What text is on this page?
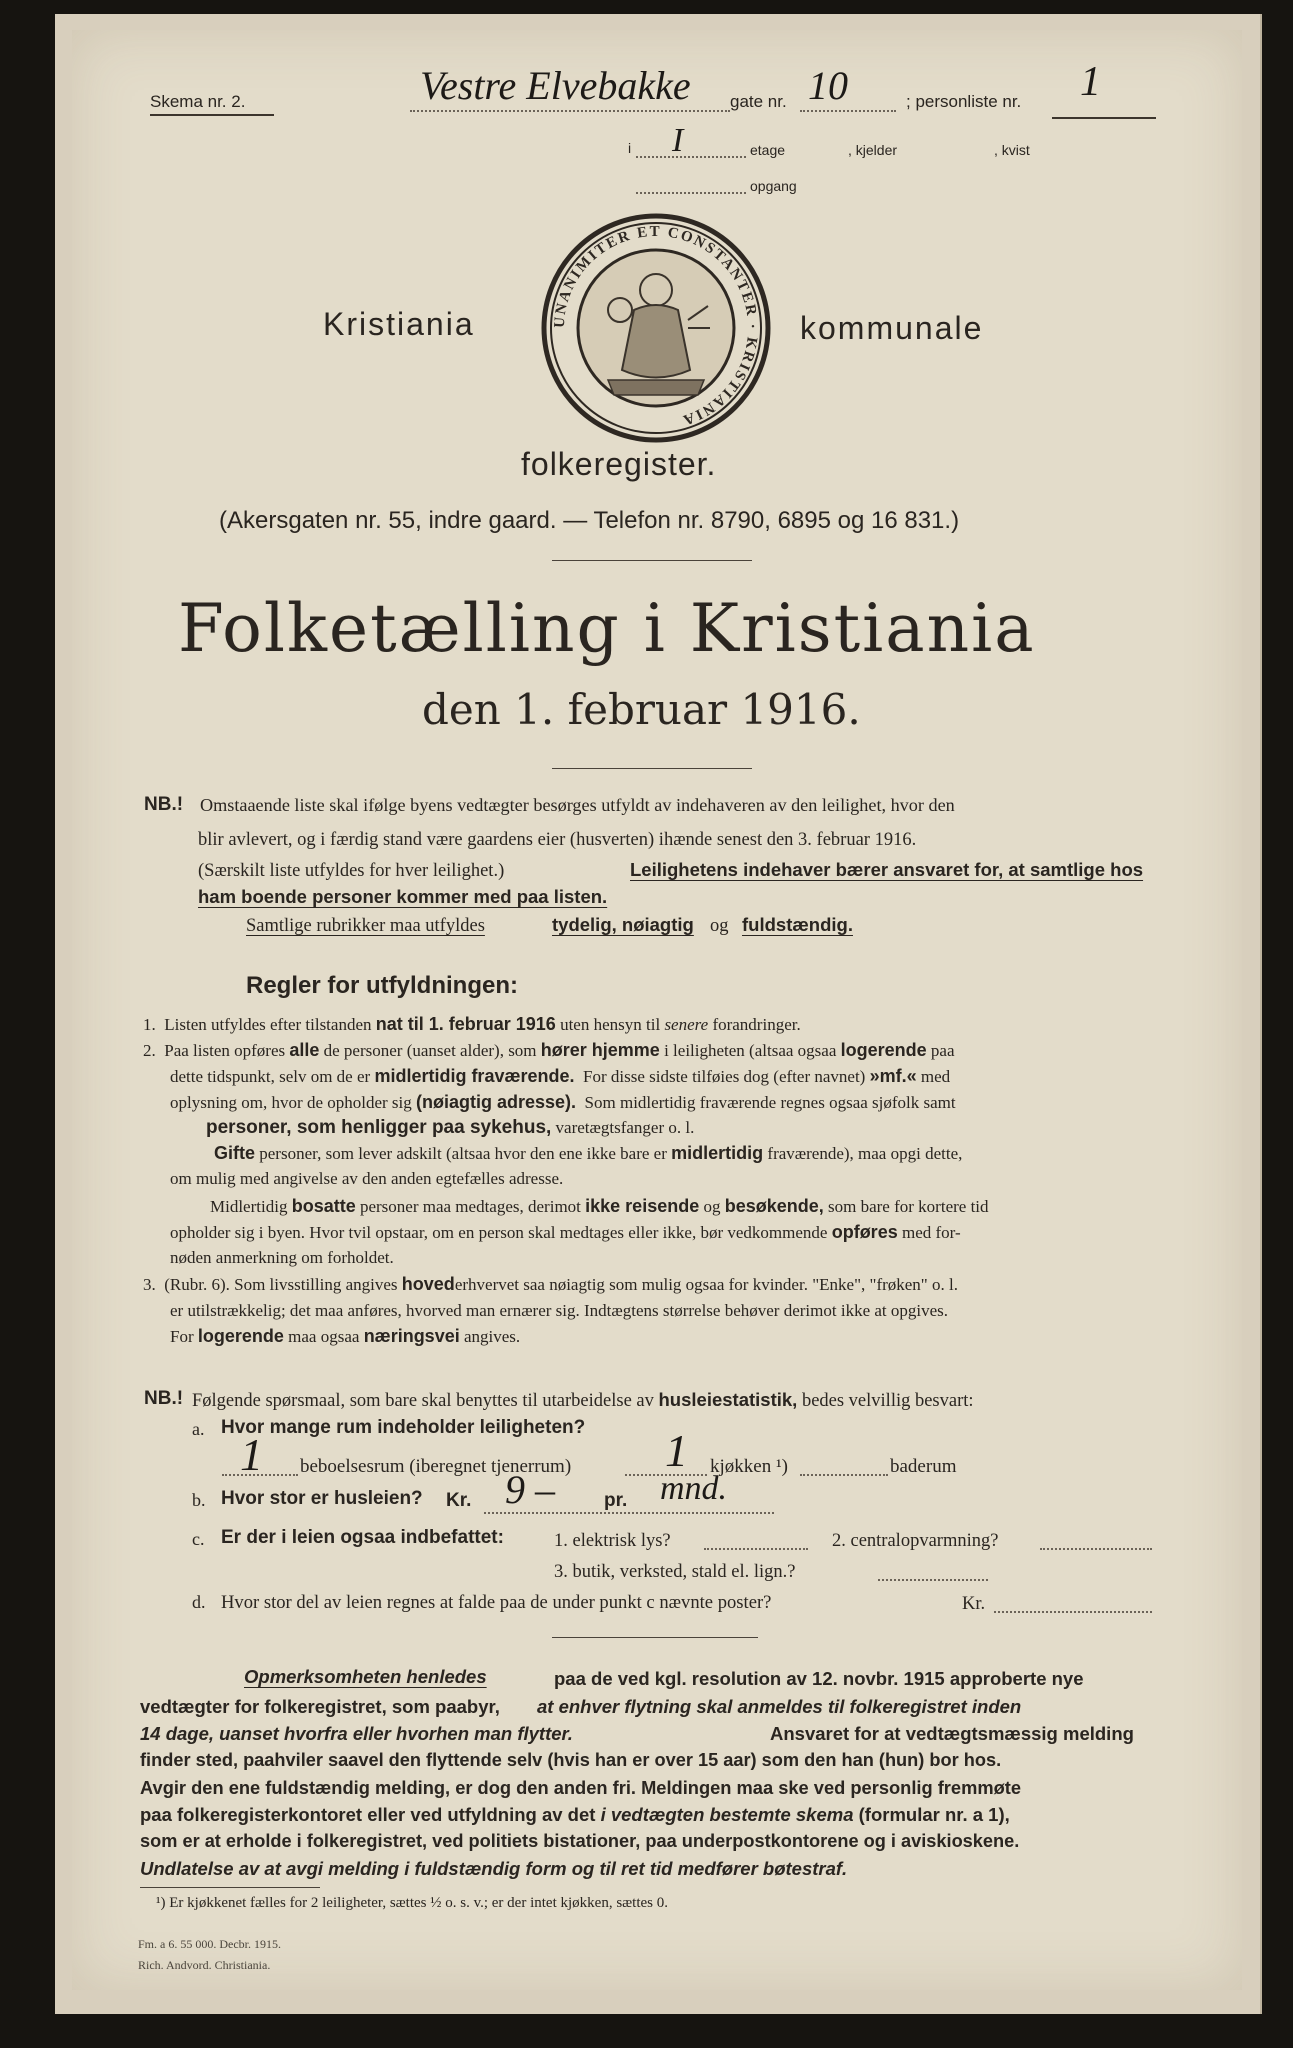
Skema nr. 2.	Vestre Elvebakke gate nr. 10	; personliste nr. 1
i I	etage	, kjelder	, kvist
opgang
Kristiania	kommunale
UNANIMITER ET CONSTANTER · KRISTIANIA
folkeregister.
(Akersgaten nr. 55, indre gaard. — Telefon nr. 8790, 6895 og 16 831.)
Folketælling i Kristiania
den 1. februar 1916.
NB.! Omstaaende liste skal ifølge byens vedtægter besørges utfyldt av indehaveren av den leilighet, hvor den
blir avlevert, og i færdig stand være gaardens eier (husverten) ihænde senest den 3. februar 1916.
(Særskilt liste utfyldes for hver leilighet.)	Leilighetens indehaver bærer ansvaret for, at samtlige hos
ham boende personer kommer med paa listen.
Samtlige rubrikker maa utfyldes	tydelig, nøiagtig og fuldstændig.
Regler for utfyldningen:
1. Listen utfyldes efter tilstanden nat til 1. februar 1916 uten hensyn til senere forandringer.
2. Paa listen opføres alle de personer (uanset alder), som hører hjemme i leiligheten (altsaa ogsaa logerende paa
dette tidspunkt, selv om de er midlertidig fraværende. For disse sidste tilføies dog (efter navnet) »mf.« med
oplysning om, hvor de opholder sig (nøiagtig adresse). Som midlertidig fraværende regnes ogsaa sjøfolk samt
personer, som henligger paa sykehus, varetægtsfanger o. l.
Gifte personer, som lever adskilt (altsaa hvor den ene ikke bare er midlertidig fraværende), maa opgi dette,
om mulig med angivelse av den anden egtefælles adresse.
Midlertidig bosatte personer maa medtages, derimot ikke reisende og besøkende, som bare for kortere tid
opholder sig i byen. Hvor tvil opstaar, om en person skal medtages eller ikke, bør vedkommende opføres med for-
nøden anmerkning om forholdet.
3. (Rubr. 6). Som livsstilling angives hovederhvervet saa nøiagtig som mulig ogsaa for kvinder. "Enke", "frøken" o. l.
er utilstrækkelig; det maa anføres, hvorved man ernærer sig. Indtægtens størrelse behøver derimot ikke at opgives.
For logerende maa ogsaa næringsvei angives.
NB.! Følgende spørsmaal, som bare skal benyttes til utarbeidelse av husleiestatistik, bedes velvillig besvart:
a. Hvor mange rum indeholder leiligheten?
1 beboelsesrum (iberegnet tjenerrum) 1 kjøkken ¹)	baderum
b. Hvor stor er husleien? Kr. 9 –	pr. mnd.
c. Er der i leien ogsaa indbefattet:	1. elektrisk lys?	2. centralopvarmning?
3. butik, verksted, stald el. lign.?
d. Hvor stor del av leien regnes at falde paa de under punkt c nævnte poster?	Kr.
Opmerksomheten henledes	paa de ved kgl. resolution av 12. novbr. 1915 approberte nye
vedtægter for folkeregistret, som paabyr, at enhver flytning skal anmeldes til folkeregistret inden
14 dage, uanset hvorfra eller hvorhen man flytter.	Ansvaret for at vedtægtsmæssig melding
finder sted, paahviler saavel den flyttende selv (hvis han er over 15 aar) som den han (hun) bor hos.
Avgir den ene fuldstændig melding, er dog den anden fri. Meldingen maa ske ved personlig fremmøte
paa folkeregisterkontoret eller ved utfyldning av det i vedtægten bestemte skema (formular nr. a 1),
som er at erholde i folkeregistret, ved politiets bistationer, paa underpostkontorene og i aviskioskene.
Undlatelse av at avgi melding i fuldstændig form og til ret tid medfører bøtestraf.
¹) Er kjøkkenet fælles for 2 leiligheter, sættes ½ o. s. v.; er der intet kjøkken, sættes 0.
Fm. a 6. 55 000. Decbr. 1915.
Rich. Andvord. Christiania.
